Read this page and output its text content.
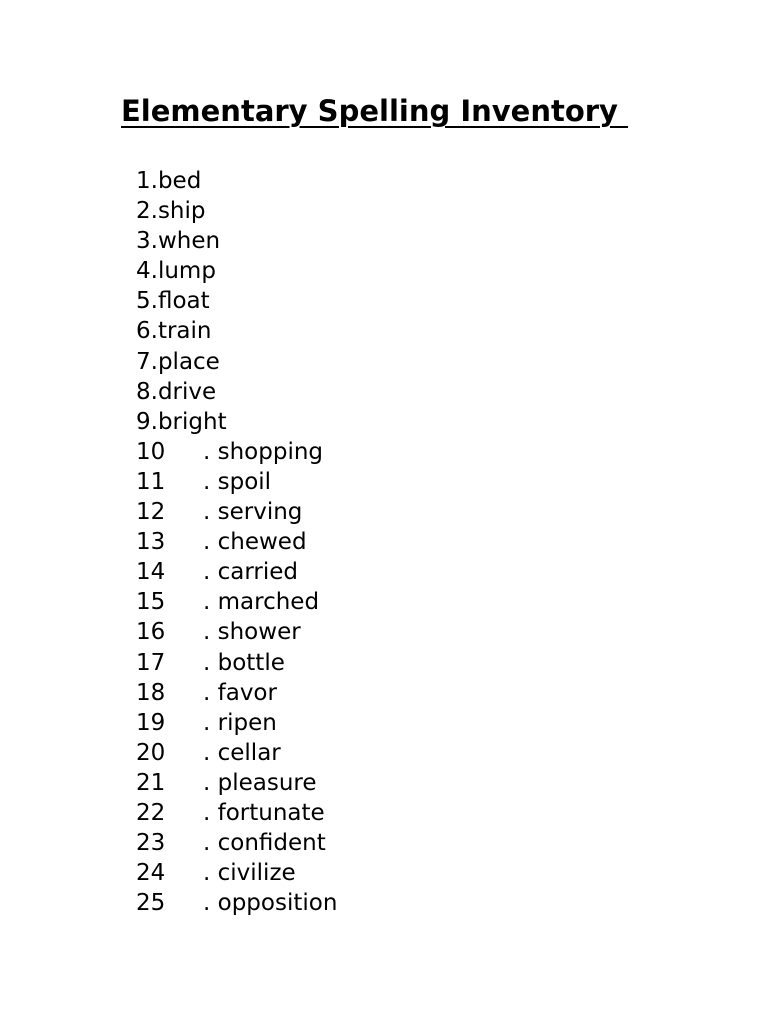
Elementary Spelling Inventory
1.bed
2.ship
3.when
4.lump
5.float
6.train
7.place
8.drive
9.bright
10 . shopping
11 . spoil
12 . serving
13 . chewed
14 . carried
15 . marched
16 . shower
17 . bottle
18 . favor
19 . ripen
20 . cellar
21 . pleasure
22 . fortunate
23 . confident
24 . civilize
25 . opposition
